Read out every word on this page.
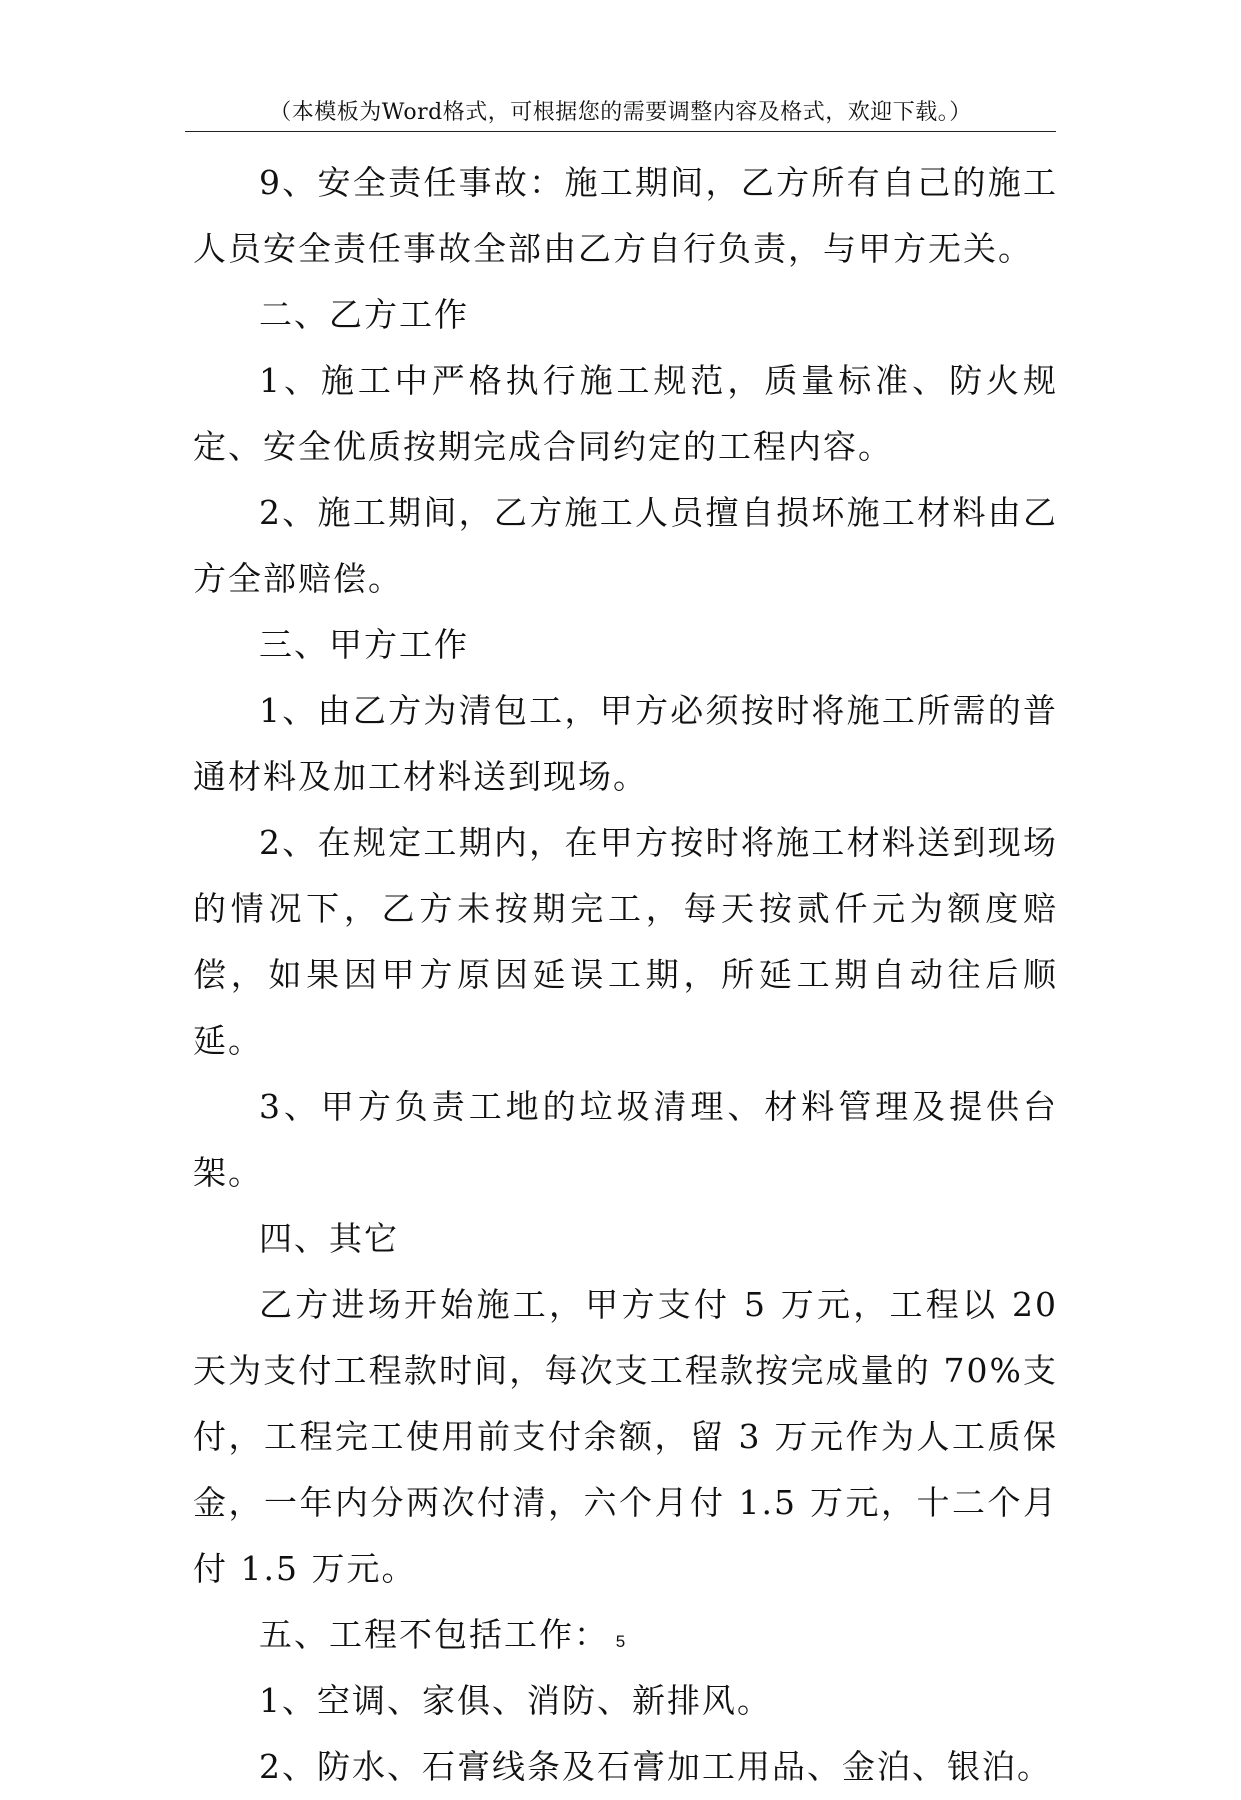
（本模板为Word格式，可根据您的需要调整内容及格式，欢迎下载。）

9、安全责任事故：施工期间，乙方所有自己的施工人员安全责任事故全部由乙方自行负责，与甲方无关。

二、乙方工作

1、施工中严格执行施工规范，质量标准、防火规定、安全优质按期完成合同约定的工程内容。

2、施工期间，乙方施工人员擅自损坏施工材料由乙方全部赔偿。

三、甲方工作

1、由乙方为清包工，甲方必须按时将施工所需的普通材料及加工材料送到现场。

2、在规定工期内，在甲方按时将施工材料送到现场的情况下，乙方未按期完工，每天按贰仟元为额度赔偿，如果因甲方原因延误工期，所延工期自动往后顺延。

3、甲方负责工地的垃圾清理、材料管理及提供台架。

四、其它

乙方进场开始施工，甲方支付 5 万元，工程以 20 天为支付工程款时间，每次支工程款按完成量的 70%支付，工程完工使用前支付余额，留 3 万元作为人工质保金，一年内分两次付清，六个月付 1.5 万元，十二个月付 1.5 万元。

五、工程不包括工作：

1、空调、家俱、消防、新排风。

2、防水、石膏线条及石膏加工用品、金泊、银泊。

5
